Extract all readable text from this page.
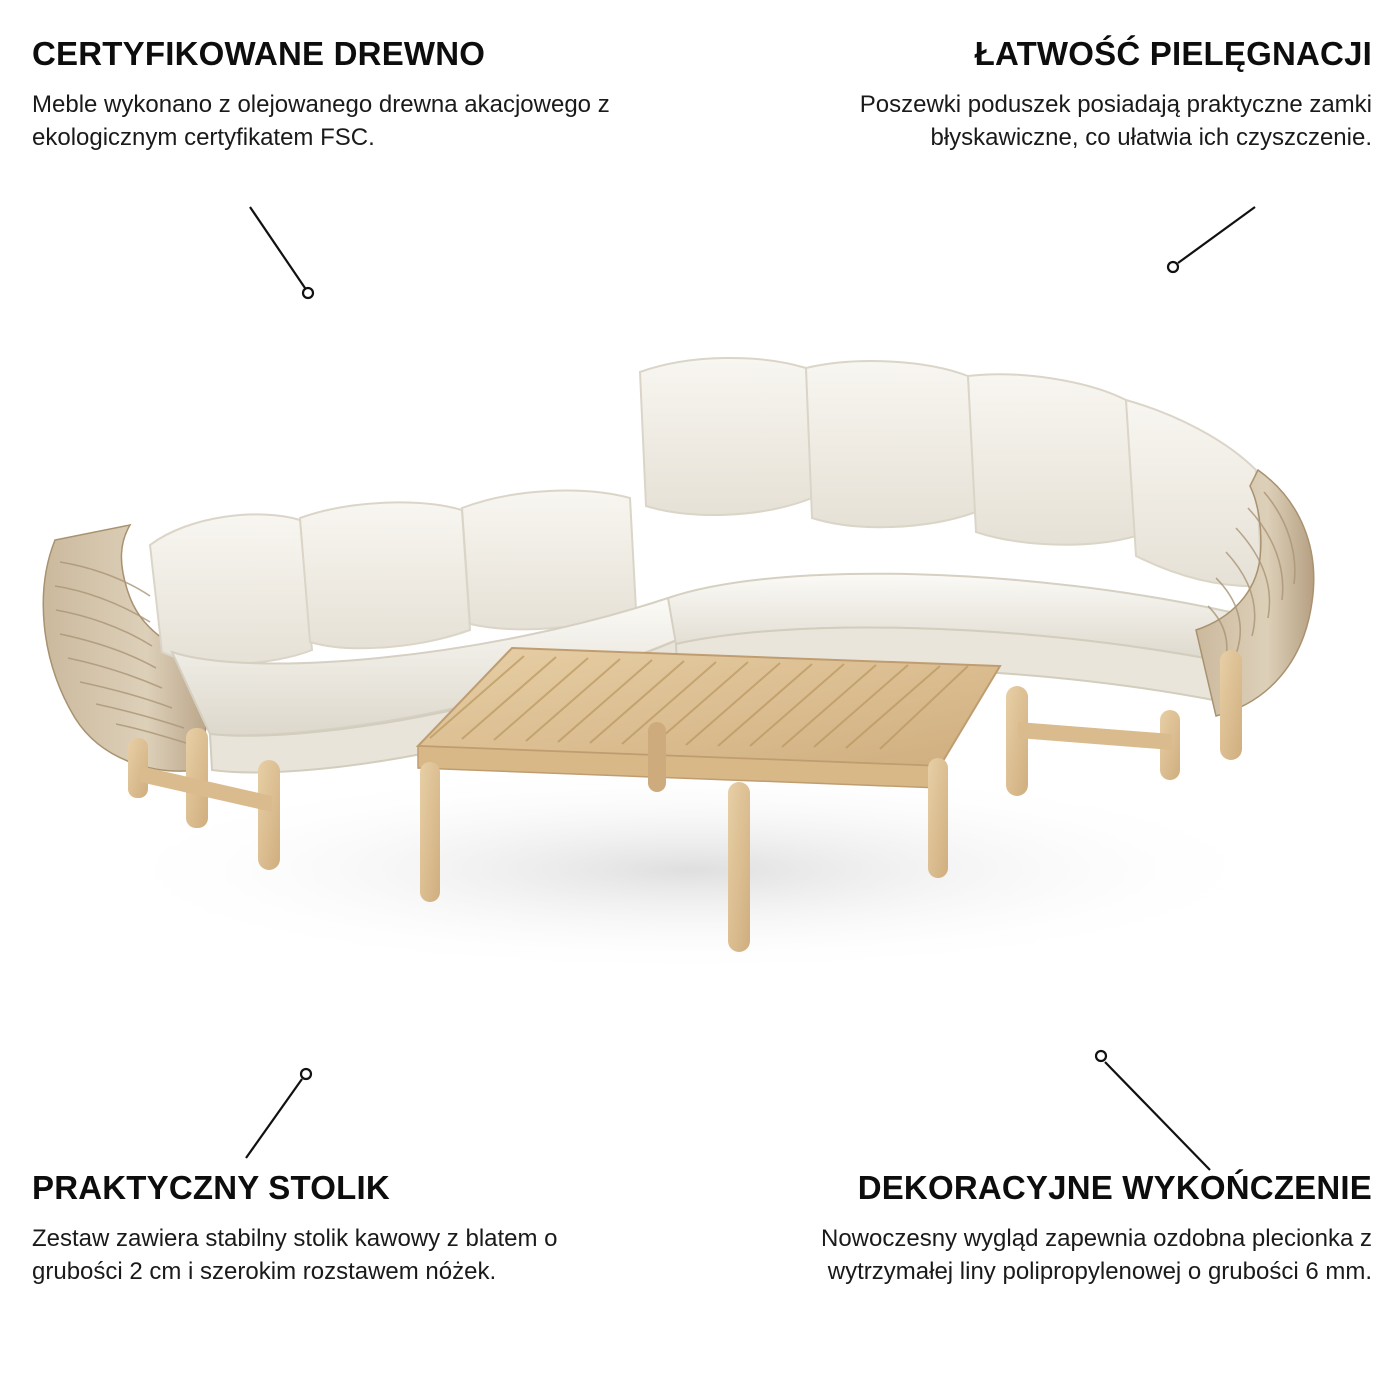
CERTYFIKOWANE DREWNO

Meble wykonano z olejowanego drewna akacjowego z ekologicznym certyfikatem FSC.

ŁATWOŚĆ PIELĘGNACJI

Poszewki poduszek posiadają praktyczne zamki błyskawiczne, co ułatwia ich czyszczenie.

PRAKTYCZNY STOLIK

Zestaw zawiera stabilny stolik kawowy z blatem o grubości 2 cm i szerokim rozstawem nóżek.

DEKORACYJNE WYKOŃCZENIE

Nowoczesny wygląd zapewnia ozdobna plecionka z wytrzymałej liny polipropylenowej o grubości 6 mm.
